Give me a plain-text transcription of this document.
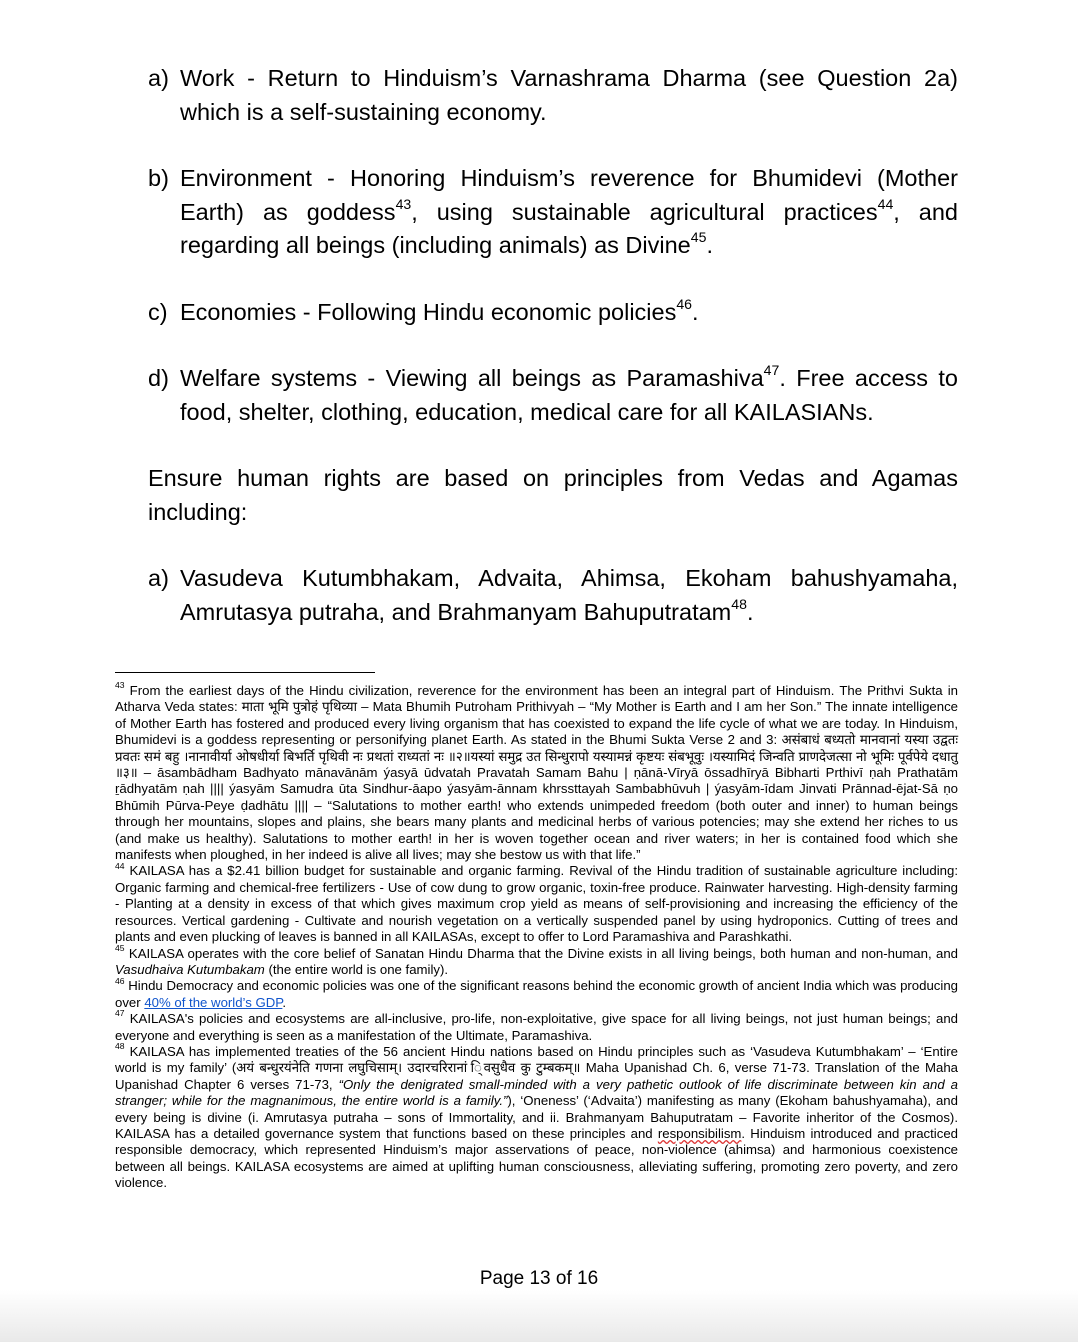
a) Work - Return to Hinduism’s Varnashrama Dharma (see Question 2a) which is a self-sustaining economy.
b) Environment - Honoring Hinduism’s reverence for Bhumidevi (Mother Earth) as goddess$^{43}$, using sustainable agricultural practices$^{44}$, and regarding all beings (including animals) as Divine$^{45}$.
c) Economies - Following Hindu economic policies$^{46}$.
d) Welfare systems - Viewing all beings as Paramashiva$^{47}$. Free access to food, shelter, clothing, education, medical care for all KAILASIANs.
Ensure human rights are based on principles from Vedas and Agamas including:
a) Vasudeva Kutumbhakam, Advaita, Ahimsa, Ekoham bahushyamaha, Amrutasya putraha, and Brahmanyam Bahuputratam$^{48}$.

$^{43}$ From the earliest days of the Hindu civilization, reverence for the environment has been an integral part of Hinduism. The Prithvi Sukta in Atharva Veda states: माता भूमि पुत्रोहं पृथिव्या – Mata Bhumih Putroham Prithivyah – “My Mother is Earth and I am her Son.” The innate intelligence of Mother Earth has fostered and produced every living organism that has coexisted to expand the life cycle of what we are today. In Hinduism, Bhumidevi is a goddess representing or personifying planet Earth. As stated in the Bhumi Sukta Verse 2 and 3: असंबाधं बध्यतो मानवानां यस्या उद्वतः प्रवतः समं बहु ।नानावीर्या ओषधीर्या बिभर्ति पृथिवी नः प्रथतां राध्यतां नः ॥२॥यस्यां समुद्र उत सिन्धुरापो यस्यामन्नं कृष्टयः संबभूवुः ।यस्यामिदं जिन्वति प्राणदेजत्सा नो भूमिः पूर्वपेये दधातु ॥३॥ – āsambādham Badhyato mānavānām ýasyā ūdvatah Pravatah Samam Bahu | ṇānā-Vīryā ōssadhīryā Bibharti Prthivī ṇah Prathatām ṟādhyatām ṇah |||| ýasyām Samudra ūta Sindhur-āapo ýasyām-ānnam khrssttayah Sambabhūvuh | ýasyām-īdam Jinvati Prānnad-ējat-Sā ṇo Bhūmih Pūrva-Peye ḍadhātu |||| – “Salutations to mother earth! who extends unimpeded freedom (both outer and inner) to human beings through her mountains, slopes and plains, she bears many plants and medicinal herbs of various potencies; may she extend her riches to us (and make us healthy). Salutations to mother earth! in her is woven together ocean and river waters; in her is contained food which she manifests when ploughed, in her indeed is alive all lives; may she bestow us with that life.”

$^{44}$ KAILASA has a $2.41 billion budget for sustainable and organic farming. Revival of the Hindu tradition of sustainable agriculture including: Organic farming and chemical-free fertilizers - Use of cow dung to grow organic, toxin-free produce. Rainwater harvesting. High-density farming - Planting at a density in excess of that which gives maximum crop yield as means of self-provisioning and increasing the efficiency of the resources. Vertical gardening - Cultivate and nourish vegetation on a vertically suspended panel by using hydroponics. Cutting of trees and plants and even plucking of leaves is banned in all KAILASAs, except to offer to Lord Paramashiva and Parashkathi.

$^{45}$ KAILASA operates with the core belief of Sanatan Hindu Dharma that the Divine exists in all living beings, both human and non-human, and Vasudhaiva Kutumbakam (the entire world is one family).

$^{46}$ Hindu Democracy and economic policies was one of the significant reasons behind the economic growth of ancient India which was producing over 40% of the world’s GDP.

$^{47}$ KAILASA's policies and ecosystems are all-inclusive, pro-life, non-exploitative, give space for all living beings, not just human beings; and everyone and everything is seen as a manifestation of the Ultimate, Paramashiva.

$^{48}$ KAILASA has implemented treaties of the 56 ancient Hindu nations based on Hindu principles such as ‘Vasudeva Kutumbhakam’ – ‘Entire world is my family’ (अयं बन्धुरयंनेति गणना लघुचिसाम्। उदारचरिरानां ि्वसुधैव कु टुम्बकम्॥ Maha Upanishad Ch. 6, verse 71-73. Translation of the Maha Upanishad Chapter 6 verses 71-73, “Only the denigrated small-minded with a very pathetic outlook of life discriminate between kin and a stranger; while for the magnanimous, the entire world is a family.”), ‘Oneness’ (‘Advaita’) manifesting as many (Ekoham bahushyamaha), and every being is divine (i. Amrutasya putraha – sons of Immortality, and ii. Brahmanyam Bahuputratam – Favorite inheritor of the Cosmos). KAILASA has a detailed governance system that functions based on these principles and responsibilism. Hinduism introduced and practiced responsible democracy, which represented Hinduism’s major asservations of peace, non-violence (ahimsa) and harmonious coexistence between all beings. KAILASA ecosystems are aimed at uplifting human consciousness, alleviating suffering, promoting zero poverty, and zero violence.

Page 13 of 16
